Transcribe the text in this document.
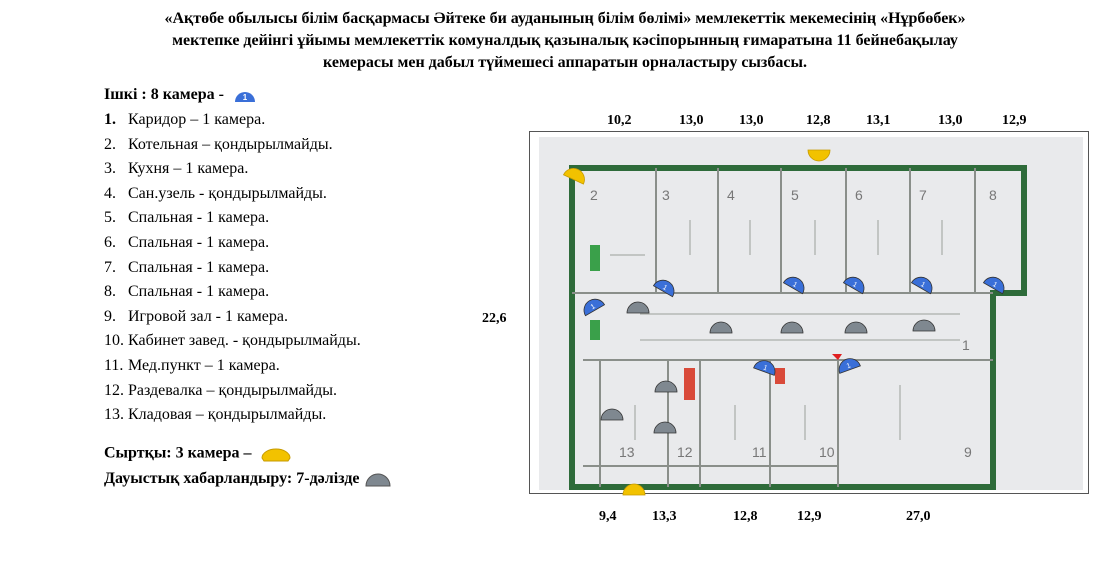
«Ақтөбе обылысы білім басқармасы Әйтеке би ауданының білім бөлімі» мемлекеттік мекемесінің «Нұрбөбек»
мектепке дейінгі ұйымы мемлекеттік комуналдық қазыналық кәсіпорынның ғимаратына 11 бейнебақылау
кемерасы мен дабыл түймешесі аппаратын орналастыру сызбасы.
Ішкі : 8 камера - 1
1. Каридор – 1 камера.
2. Котельная – қондырылмайды.
3. Кухня – 1 камера.
4. Сан.узель - қондырылмайды.
5. Спальная - 1 камера.
6. Спальная - 1 камера.
7. Спальная - 1 камера.
8. Спальная - 1 камера.
9. Игровой зал - 1 камера.
10. Кабинет завед. - қондырылмайды.
11. Мед.пункт – 1 камера.
12. Раздевалка – қондырылмайды.
13. Кладовая – қондырылмайды.
Сыртқы: 3 камера –
Дауыстық хабарландыру: 7-дәлізде
10,2	13,0	13,0	12,8	13,1	13,0	12,9
9,4	13,3	12,8	12,9	27,0
22,6
2	3	4	5	6	7	8
1
13	12	11	10	9
1	1	1	1	1
1
1	1
